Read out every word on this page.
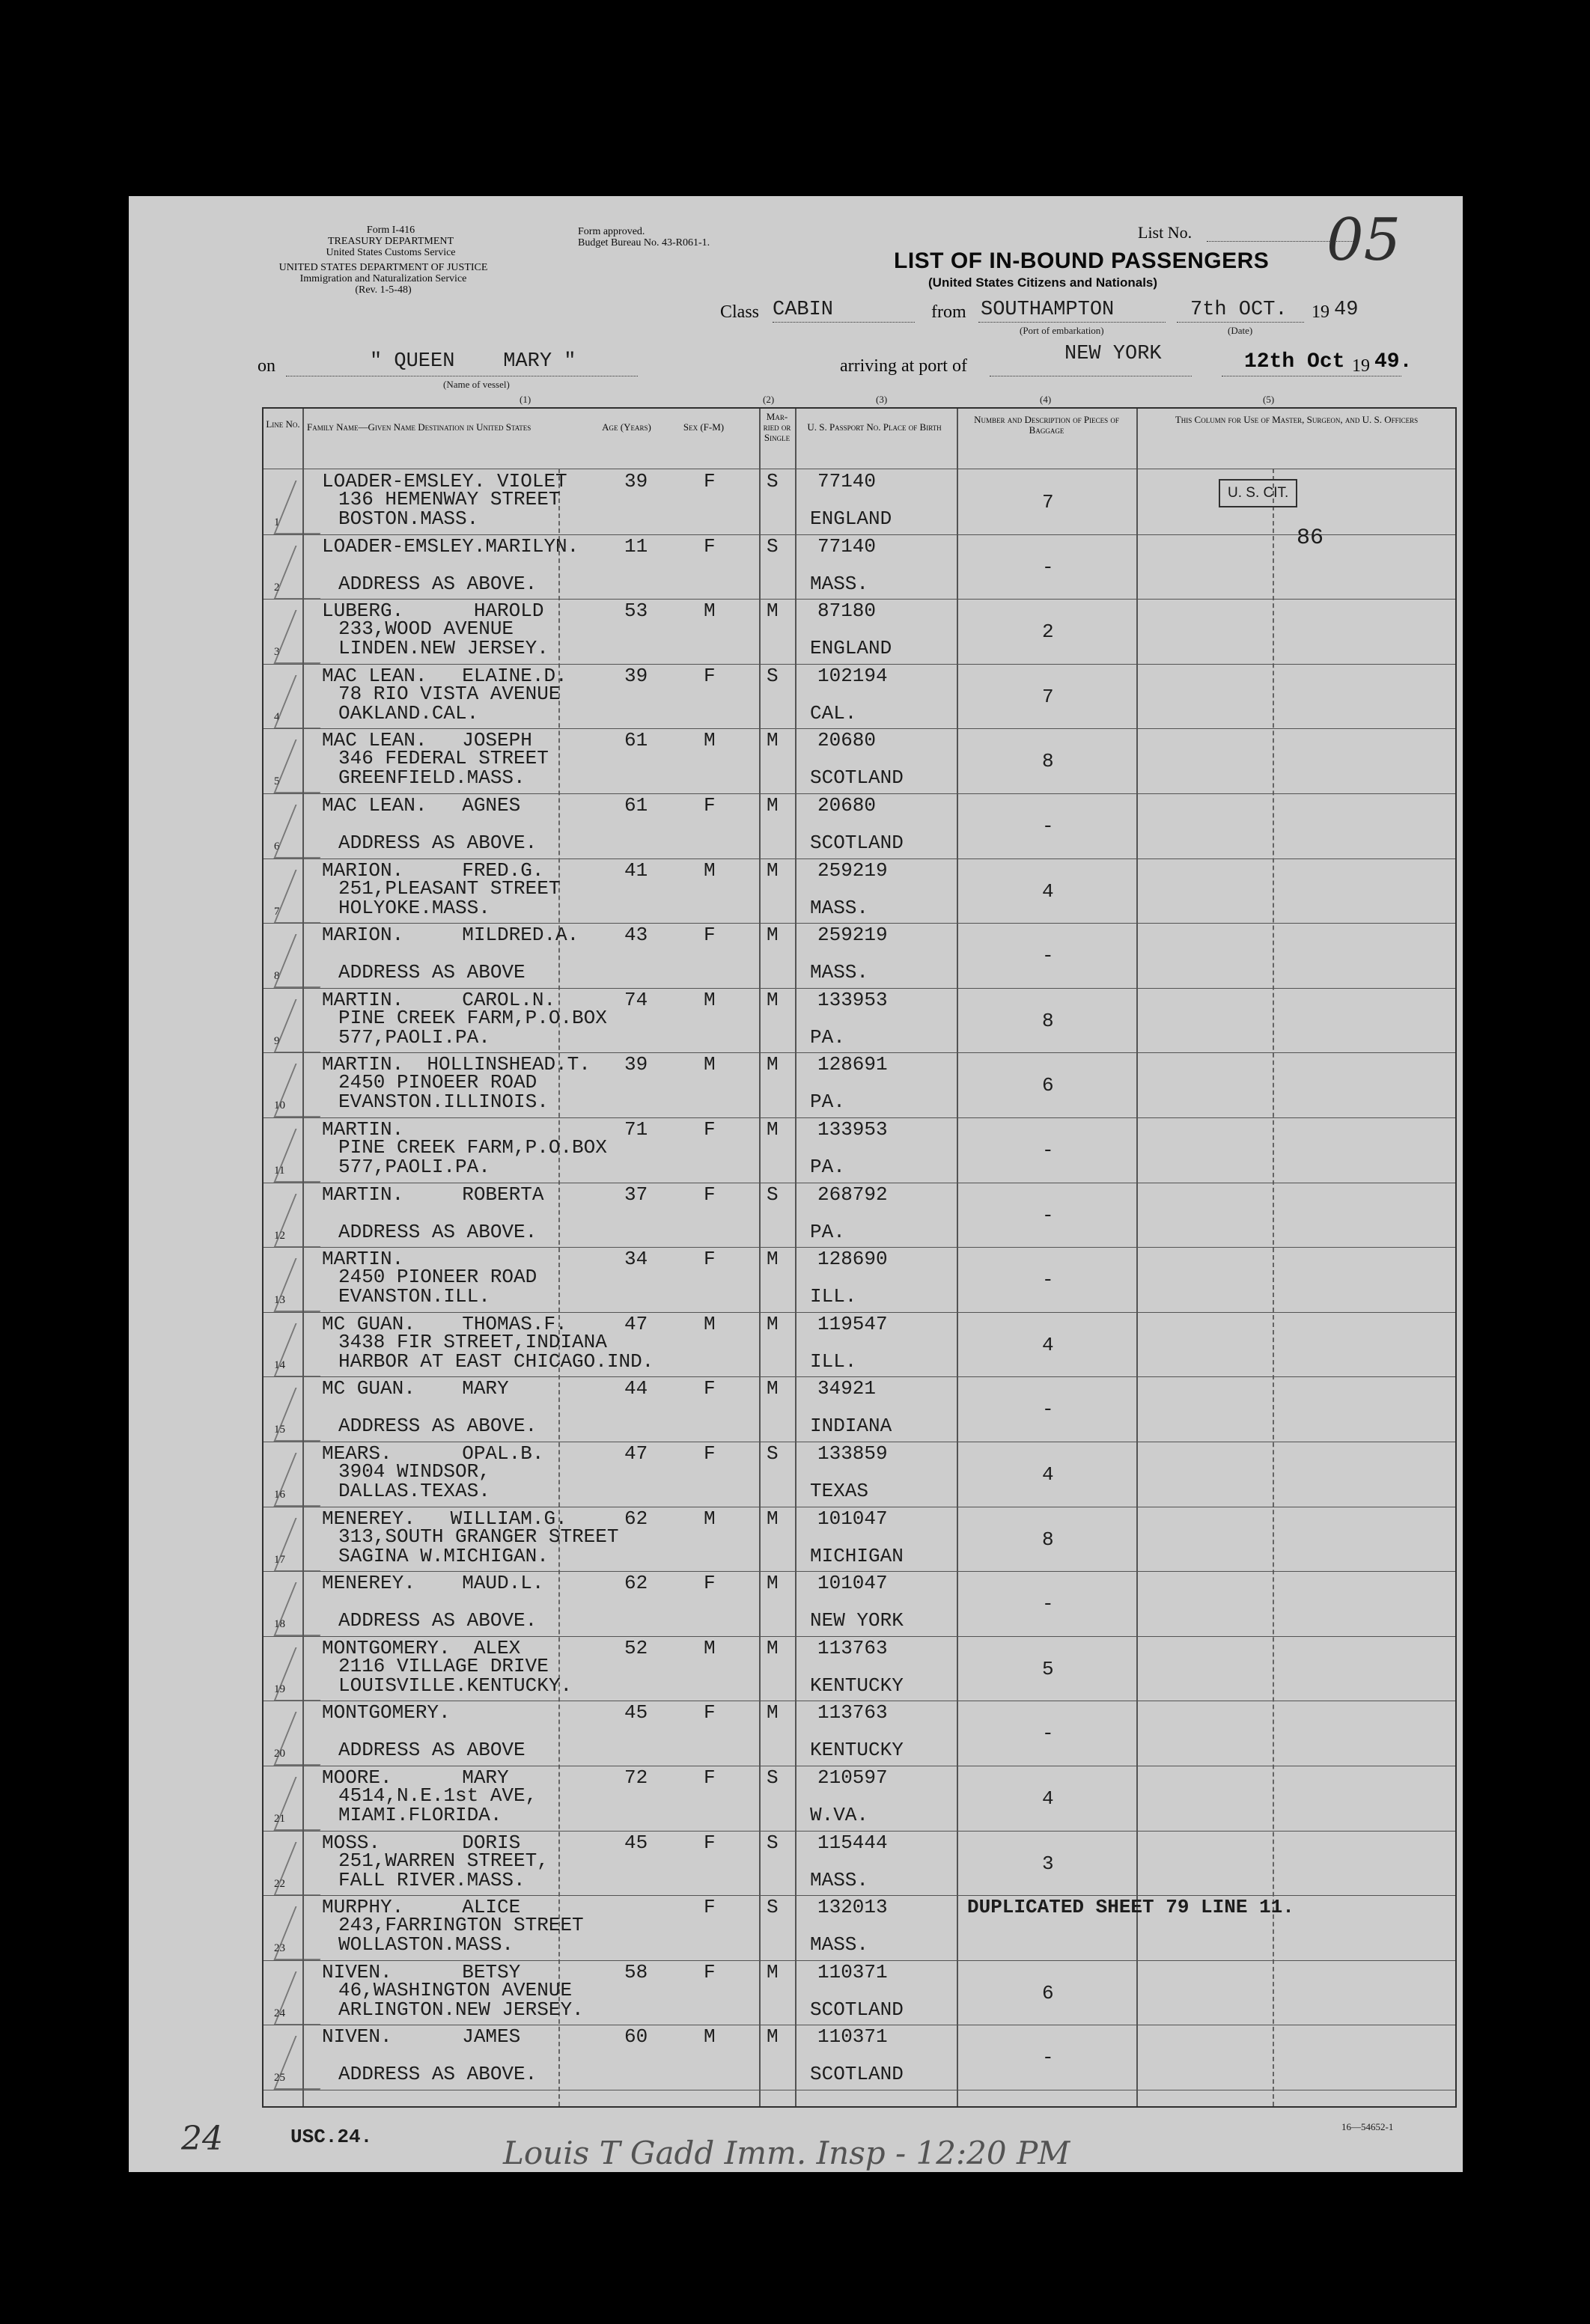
Form I-416
TREASURY DEPARTMENT
United States Customs Service
UNITED STATES DEPARTMENT OF JUSTICE
Immigration and Naturalization Service
(Rev. 1-5-48)
Form approved.
Budget Bureau No. 43-R061-1.
List No. 05
LIST OF IN-BOUND PASSENGERS
(United States Citizens and Nationals)
Class CABIN	from SOUTHAMPTON
(Port of embarkation)
7th OCT.
(Date)
19 49
on	" QUEEN    MARY "
(Name of vessel)
arriving at port of
NEW YORK	12th Oct 19 49.
(1)	(2)	(3)	(4)	(5)
Line No. Family Name—Given Name Destination in United States	Age (Years)	Sex (F-M)
Mar-ried or Single
U. S. Passport No. Place of Birth
Number and Description of Pieces of Baggage
This Column for Use of Master, Surgeon, and U. S. Officers
1
LOADER-EMSLEY. VIOLET
136 HEMENWAY STREET
BOSTON.MASS.
39	F	S 77140
ENGLAND
7
2
LOADER-EMSLEY.MARILYN.
ADDRESS AS ABOVE.
11	F	S 77140
MASS.
-
3
LUBERG.      HAROLD
233,WOOD AVENUE
LINDEN.NEW JERSEY.
53	M	M 87180
ENGLAND
2
4
MAC LEAN.   ELAINE.D.
78 RIO VISTA AVENUE
OAKLAND.CAL.
39	F	S 102194
CAL.
7
5
MAC LEAN.   JOSEPH
346 FEDERAL STREET
GREENFIELD.MASS.
61	M	M 20680
SCOTLAND
8
6
MAC LEAN.   AGNES
ADDRESS AS ABOVE.
61	F	M 20680
SCOTLAND
-
7
MARION.     FRED.G.
251,PLEASANT STREET
HOLYOKE.MASS.
41	M	M 259219
MASS.
4
8
MARION.     MILDRED.A.
ADDRESS AS ABOVE
43	F	M 259219
MASS.
-
9
MARTIN.     CAROL.N.
PINE CREEK FARM,P.O.BOX
577,PAOLI.PA.
74	M	M 133953
PA.
8
10
MARTIN.  HOLLINSHEAD.T.
2450 PINOEER ROAD
EVANSTON.ILLINOIS.
39	M	M 128691
PA.
6
11
MARTIN.
PINE CREEK FARM,P.O.BOX
577,PAOLI.PA.
71	F	M 133953
PA.
-
12
MARTIN.     ROBERTA
ADDRESS AS ABOVE.
37	F	S 268792
PA.
-
13
MARTIN.
2450 PIONEER ROAD
EVANSTON.ILL.
34	F	M 128690
ILL.
-
14
MC GUAN.    THOMAS.F.
3438 FIR STREET,INDIANA
HARBOR AT EAST CHICAGO.IND.
47	M	M 119547
ILL.
4
15
MC GUAN.    MARY
ADDRESS AS ABOVE.
44	F	M 34921
INDIANA
-
16
MEARS.      OPAL.B.
3904 WINDSOR,
DALLAS.TEXAS.
47	F	S 133859
TEXAS
4
17
MENEREY.   WILLIAM.G.
313,SOUTH GRANGER STREET
SAGINA W.MICHIGAN.
62	M	M 101047
MICHIGAN
8
18
MENEREY.    MAUD.L.
ADDRESS AS ABOVE.
62	F	M 101047
NEW YORK
-
19
MONTGOMERY.  ALEX
2116 VILLAGE DRIVE
LOUISVILLE.KENTUCKY.
52	M	M 113763
KENTUCKY
5
20
MONTGOMERY.
ADDRESS AS ABOVE
45	F	M 113763
KENTUCKY
-
21
MOORE.      MARY
4514,N.E.1st AVE,
MIAMI.FLORIDA.
72	F	S 210597
W.VA.
4
22
MOSS.       DORIS
251,WARREN STREET,
FALL RIVER.MASS.
45	F	S 115444
MASS.
3
23
MURPHY.     ALICE
243,FARRINGTON STREET
WOLLASTON.MASS.
F	S 132013
MASS.
DUPLICATED SHEET 79 LINE 11.
24
NIVEN.      BETSY
46,WASHINGTON AVENUE
ARLINGTON.NEW JERSEY.
58	F	M 110371
SCOTLAND
6
25
NIVEN.      JAMES
ADDRESS AS ABOVE.
60	M	M 110371
SCOTLAND
-
U. S. CIT.
86
USC.24.
24	16—54652-1
Louis T Gadd Imm. Insp - 12:20 PM
